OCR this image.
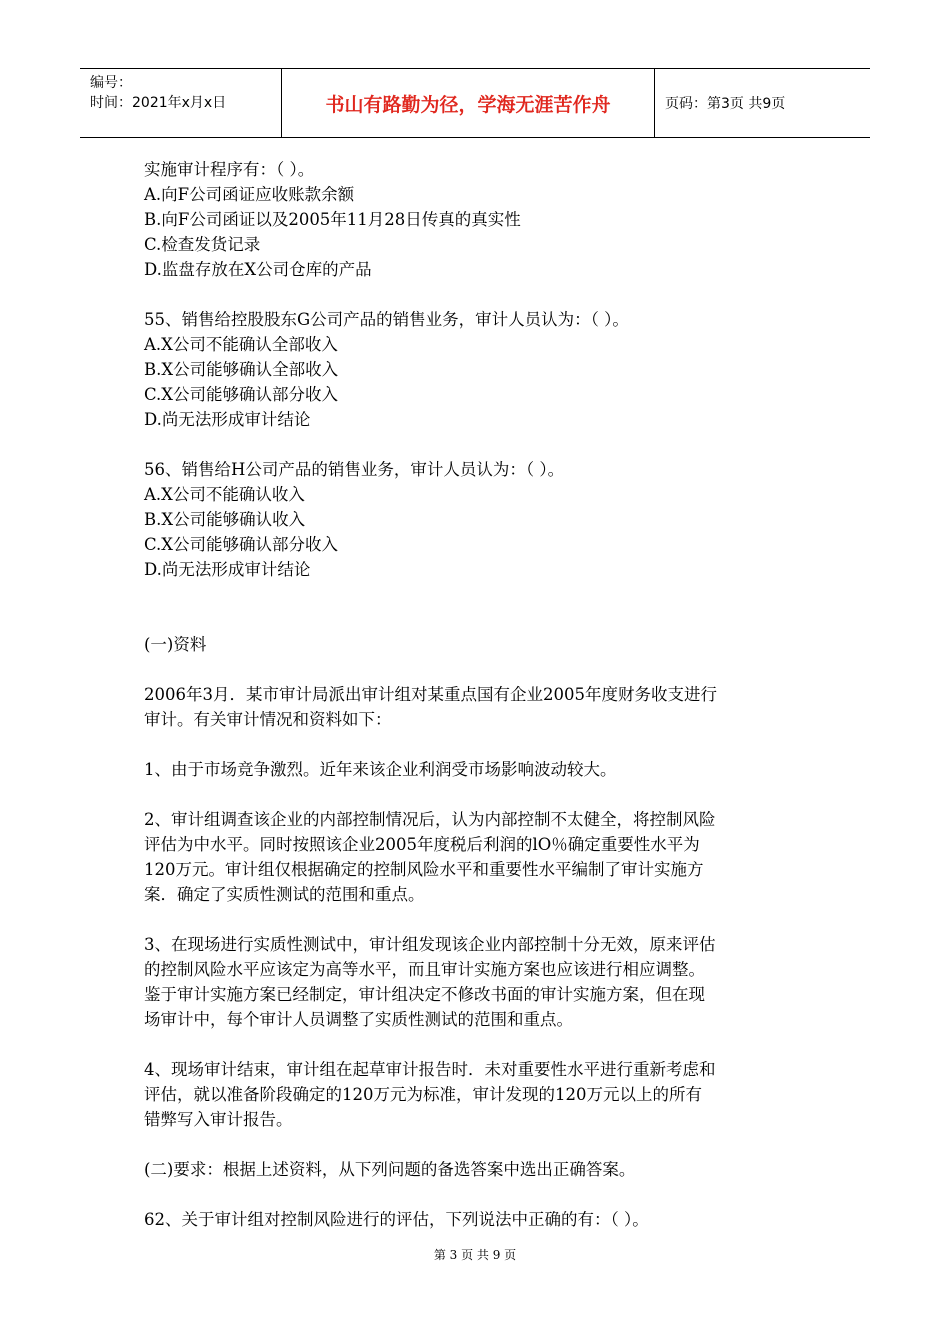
编号：
时间：2021年x月x日	书山有路勤为径，学海无涯苦作舟	页码：第3页 共9页
实施审计程序有：（ ）。
A.向F公司函证应收账款余额
B.向F公司函证以及2005年11月28日传真的真实性
C.检查发货记录
D.监盘存放在X公司仓库的产品
55、销售给控股股东G公司产品的销售业务，审计人员认为：（ ）。
A.X公司不能确认全部收入
B.X公司能够确认全部收入
C.X公司能够确认部分收入
D.尚无法形成审计结论
56、销售给H公司产品的销售业务，审计人员认为：（ ）。
A.X公司不能确认收入
B.X公司能够确认收入
C.X公司能够确认部分收入
D.尚无法形成审计结论
(一)资料
2006年3月．某市审计局派出审计组对某重点国有企业2005年度财务收支进行
审计。有关审计情况和资料如下：
1、由于市场竞争激烈。近年来该企业利润受市场影响波动较大。
2、审计组调查该企业的内部控制情况后，认为内部控制不太健全，将控制风险
评估为中水平。同时按照该企业2005年度税后利润的lO％确定重要性水平为
120万元。审计组仅根据确定的控制风险水平和重要性水平编制了审计实施方
案．确定了实质性测试的范围和重点。
3、在现场进行实质性测试中，审计组发现该企业内部控制十分无效，原来评估
的控制风险水平应该定为高等水平，而且审计实施方案也应该进行相应调整。
鉴于审计实施方案已经制定，审计组决定不修改书面的审计实施方案，但在现
场审计中，每个审计人员调整了实质性测试的范围和重点。
4、现场审计结束，审计组在起草审计报告时．未对重要性水平进行重新考虑和
评估，就以准备阶段确定的120万元为标准，审计发现的120万元以上的所有
错弊写入审计报告。
(二)要求：根据上述资料，从下列问题的备选答案中选出正确答案。
62、关于审计组对控制风险进行的评估，下列说法中正确的有：（ ）。
第 3 页 共 9 页
